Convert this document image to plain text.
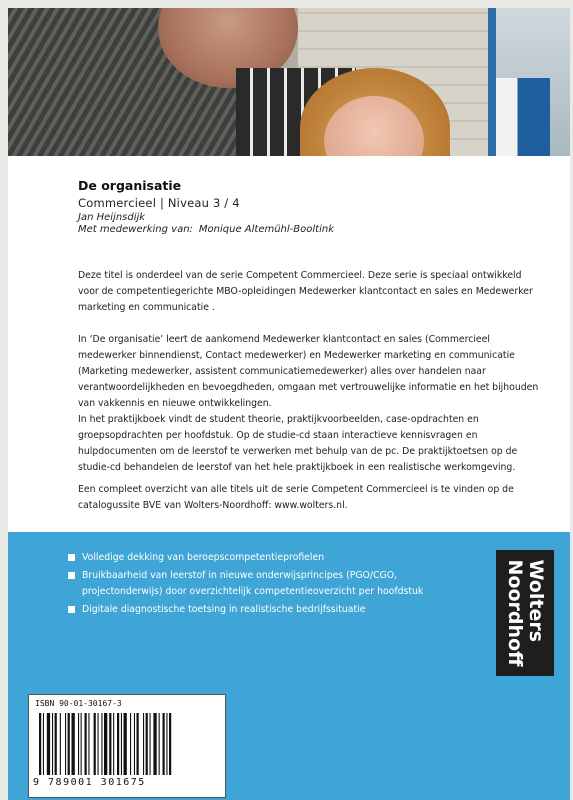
De organisatie

Commercieel | Niveau 3 / 4

Jan Heijnsdijk

Met medewerking van: Monique Altemühl-Booltink

Deze titel is onderdeel van de serie Competent Commercieel. Deze serie is speciaal ontwikkeld voor de competentiegerichte MBO-opleidingen Medewerker klantcontact en sales en Medewerker marketing en communicatie .

In ‘De organisatie’ leert de aankomend Medewerker klantcontact en sales (Commercieel medewerker binnendienst, Contact medewerker) en Medewerker marketing en communicatie (Marketing medewerker, assistent communicatiemedewerker) alles over handelen naar verantwoordelijkheden en bevoegdheden, omgaan met vertrouwelijke informatie en het bijhouden van vakkennis en nieuwe ontwikkelingen.

In het praktijkboek vindt de student theorie, praktijkvoorbeelden, case-opdrachten en groepsopdrachten per hoofdstuk. Op de studie-cd staan interactieve kennisvragen en hulpdocumenten om de leerstof te verwerken met behulp van de pc. De praktijktoetsen op de studie-cd behandelen de leerstof van het hele praktijkboek in een realistische werkomgeving.

Een compleet overzicht van alle titels uit de serie Competent Commercieel is te vinden op de catalogussite BVE van Wolters-Noordhoff: www.wolters.nl.

Volledige dekking van beroepscompetentieprofielen
Bruikbaarheid van leerstof in nieuwe onderwijsprincipes (PGO/CGO, projectonderwijs) door overzichtelijk competentieoverzicht per hoofdstuk
Digitale diagnostische toetsing in realistische bedrijfssituatie	Wolters
Noordhoff
ISBN 90-01-30167-3
9 789001 301675
